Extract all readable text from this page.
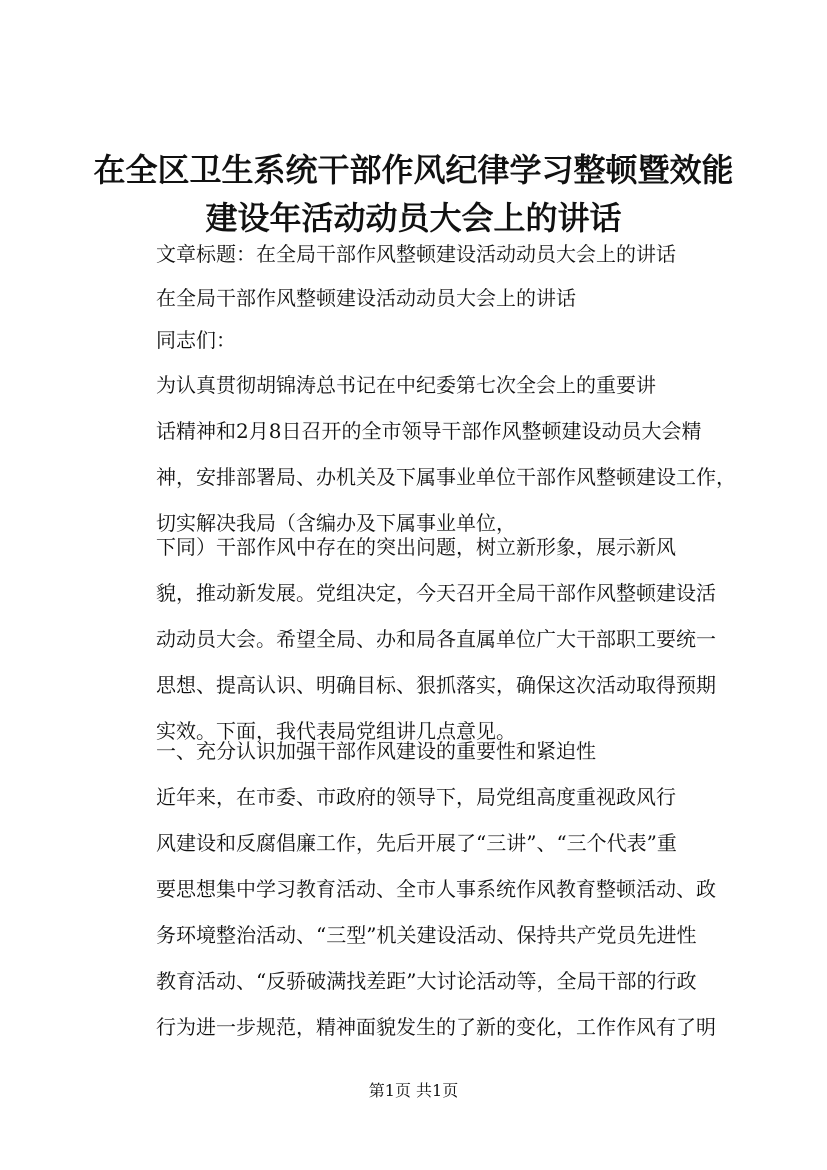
在全区卫生系统干部作风纪律学习整顿暨效能
建设年活动动员大会上的讲话

文章标题：在全局干部作风整顿建设活动动员大会上的讲话

在全局干部作风整顿建设活动动员大会上的讲话

同志们：

为认真贯彻胡锦涛总书记在中纪委第七次全会上的重要讲
话精神和2月8日召开的全市领导干部作风整顿建设动员大会精
神，安排部署局、办机关及下属事业单位干部作风整顿建设工作，
切实解决我局（含编办及下属事业单位，

下同）干部作风中存在的突出问题，树立新形象，展示新风
貌，推动新发展。党组决定，今天召开全局干部作风整顿建设活
动动员大会。希望全局、办和局各直属单位广大干部职工要统一
思想、提高认识、明确目标、狠抓落实，确保这次活动取得预期
实效。下面，我代表局党组讲几点意见。

一、充分认识加强干部作风建设的重要性和紧迫性

近年来，在市委、市政府的领导下，局党组高度重视政风行
风建设和反腐倡廉工作，先后开展了“三讲”、“三个代表”重
要思想集中学习教育活动、全市人事系统作风教育整顿活动、政
务环境整治活动、“三型”机关建设活动、保持共产党员先进性
教育活动、“反骄破满找差距”大讨论活动等，全局干部的行政
行为进一步规范，精神面貌发生的了新的变化，工作作风有了明

第1页 共1页
